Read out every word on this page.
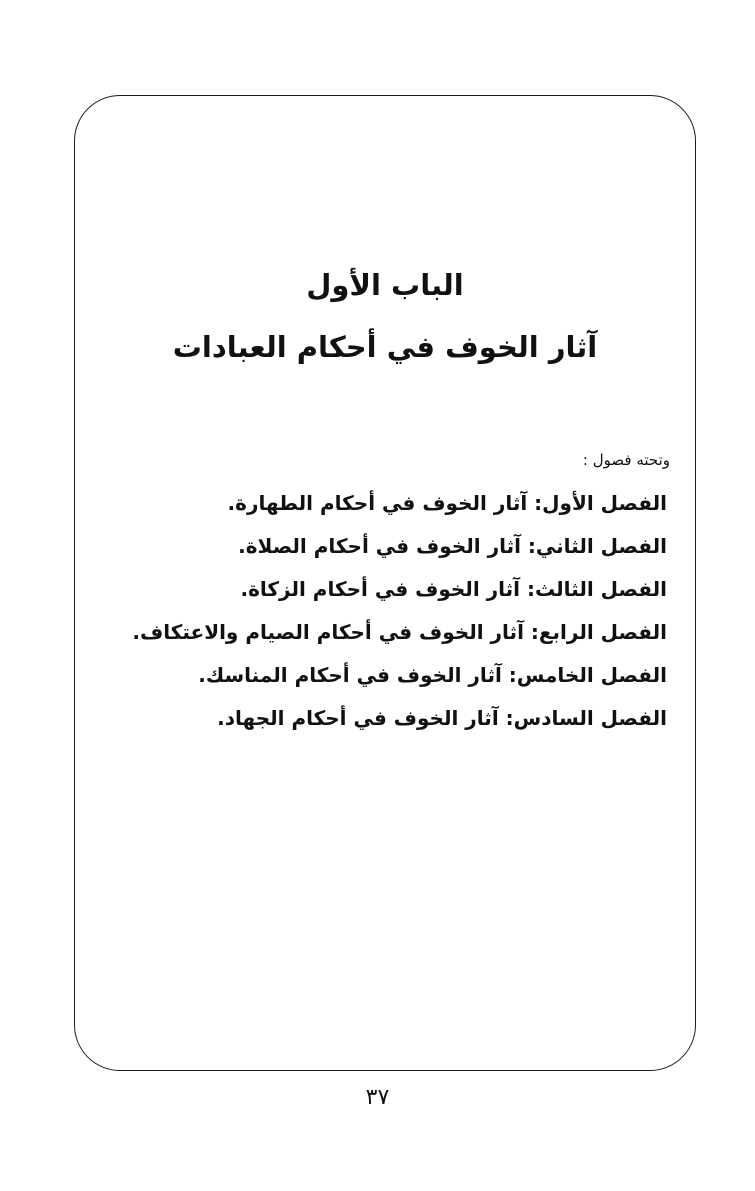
الباب الأول
آثار الخوف في أحكام العبادات

وتحته فصول :

الفصل الأول: آثار الخوف في أحكام الطهارة.
الفصل الثاني: آثار الخوف في أحكام الصلاة.
الفصل الثالث: آثار الخوف في أحكام الزكاة.
الفصل الرابع: آثار الخوف في أحكام الصيام والاعتكاف.
الفصل الخامس: آثار الخوف في أحكام المناسك.
الفصل السادس: آثار الخوف في أحكام الجهاد.

٣٧
